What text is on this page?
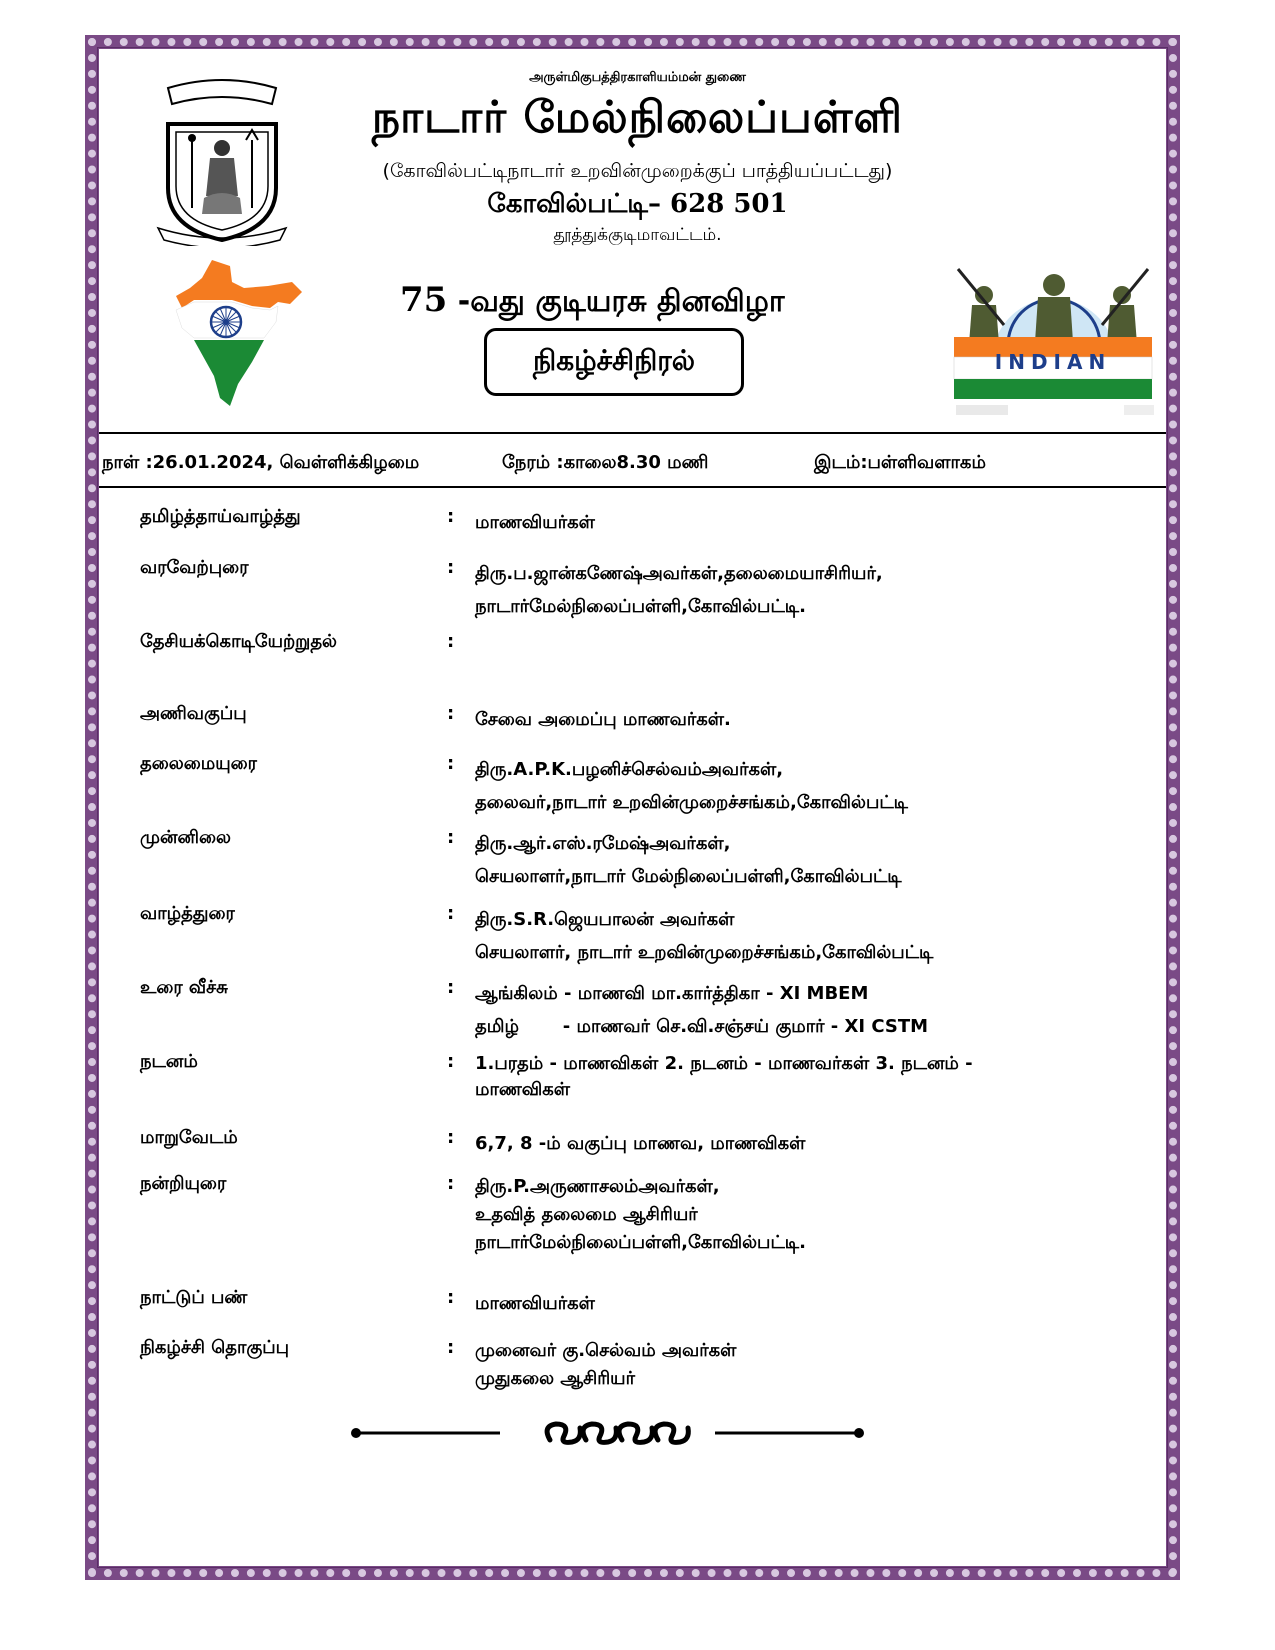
INDIAN
அருள்மிகுபத்திரகாளியம்மன் துணை
நாடார் மேல்நிலைப்பள்ளி
(கோவில்பட்டிநாடார் உறவின்முறைக்குப் பாத்தியப்பட்டது)
கோவில்பட்டி– 628 501
தூத்துக்குடிமாவட்டம்.
75 -வது குடியரசு தினவிழா
நிகழ்ச்சிநிரல்
நாள் :26.01.2024, வெள்ளிக்கிழமை	நேரம் :காலை8.30 மணி	இடம்:பள்ளிவளாகம்
தமிழ்த்தாய்வாழ்த்து	: மாணவியர்கள்
வரவேற்புரை	: திரு.ப.ஜான்கணேஷ்அவர்கள்,தலைமையாசிரியர்,
நாடார்மேல்நிலைப்பள்ளி,கோவில்பட்டி.
தேசியக்கொடியேற்றுதல்	:
அணிவகுப்பு	: சேவை அமைப்பு மாணவர்கள்.
தலைமையுரை	: திரு.A.P.K.பழனிச்செல்வம்அவர்கள்,
தலைவர்,நாடார் உறவின்முறைச்சங்கம்,கோவில்பட்டி
முன்னிலை	: திரு.ஆர்.எஸ்.ரமேஷ்அவர்கள்,
செயலாளர்,நாடார் மேல்நிலைப்பள்ளி,கோவில்பட்டி
வாழ்த்துரை	: திரு.S.R.ஜெயபாலன் அவர்கள்
செயலாளர், நாடார் உறவின்முறைச்சங்கம்,கோவில்பட்டி
உரை வீச்சு	: ஆங்கிலம் - மாணவி மா.கார்த்திகா - XI MBEM
தமிழ்       - மாணவர் செ.வி.சஞ்சய் குமார் - XI CSTM
நடனம்	: 1.பரதம் - மாணவிகள் 2. நடனம் - மாணவர்கள் 3. நடனம் -
மாணவிகள்
மாறுவேடம்	: 6,7, 8 -ம் வகுப்பு மாணவ, மாணவிகள்
நன்றியுரை	: திரு.P.அருணாசலம்அவர்கள்,
உதவித் தலைமை ஆசிரியர்
நாடார்மேல்நிலைப்பள்ளி,கோவில்பட்டி.
நாட்டுப் பண்	: மாணவியர்கள்
நிகழ்ச்சி தொகுப்பு	: முனைவர் கு.செல்வம் அவர்கள்
முதுகலை ஆசிரியர்
